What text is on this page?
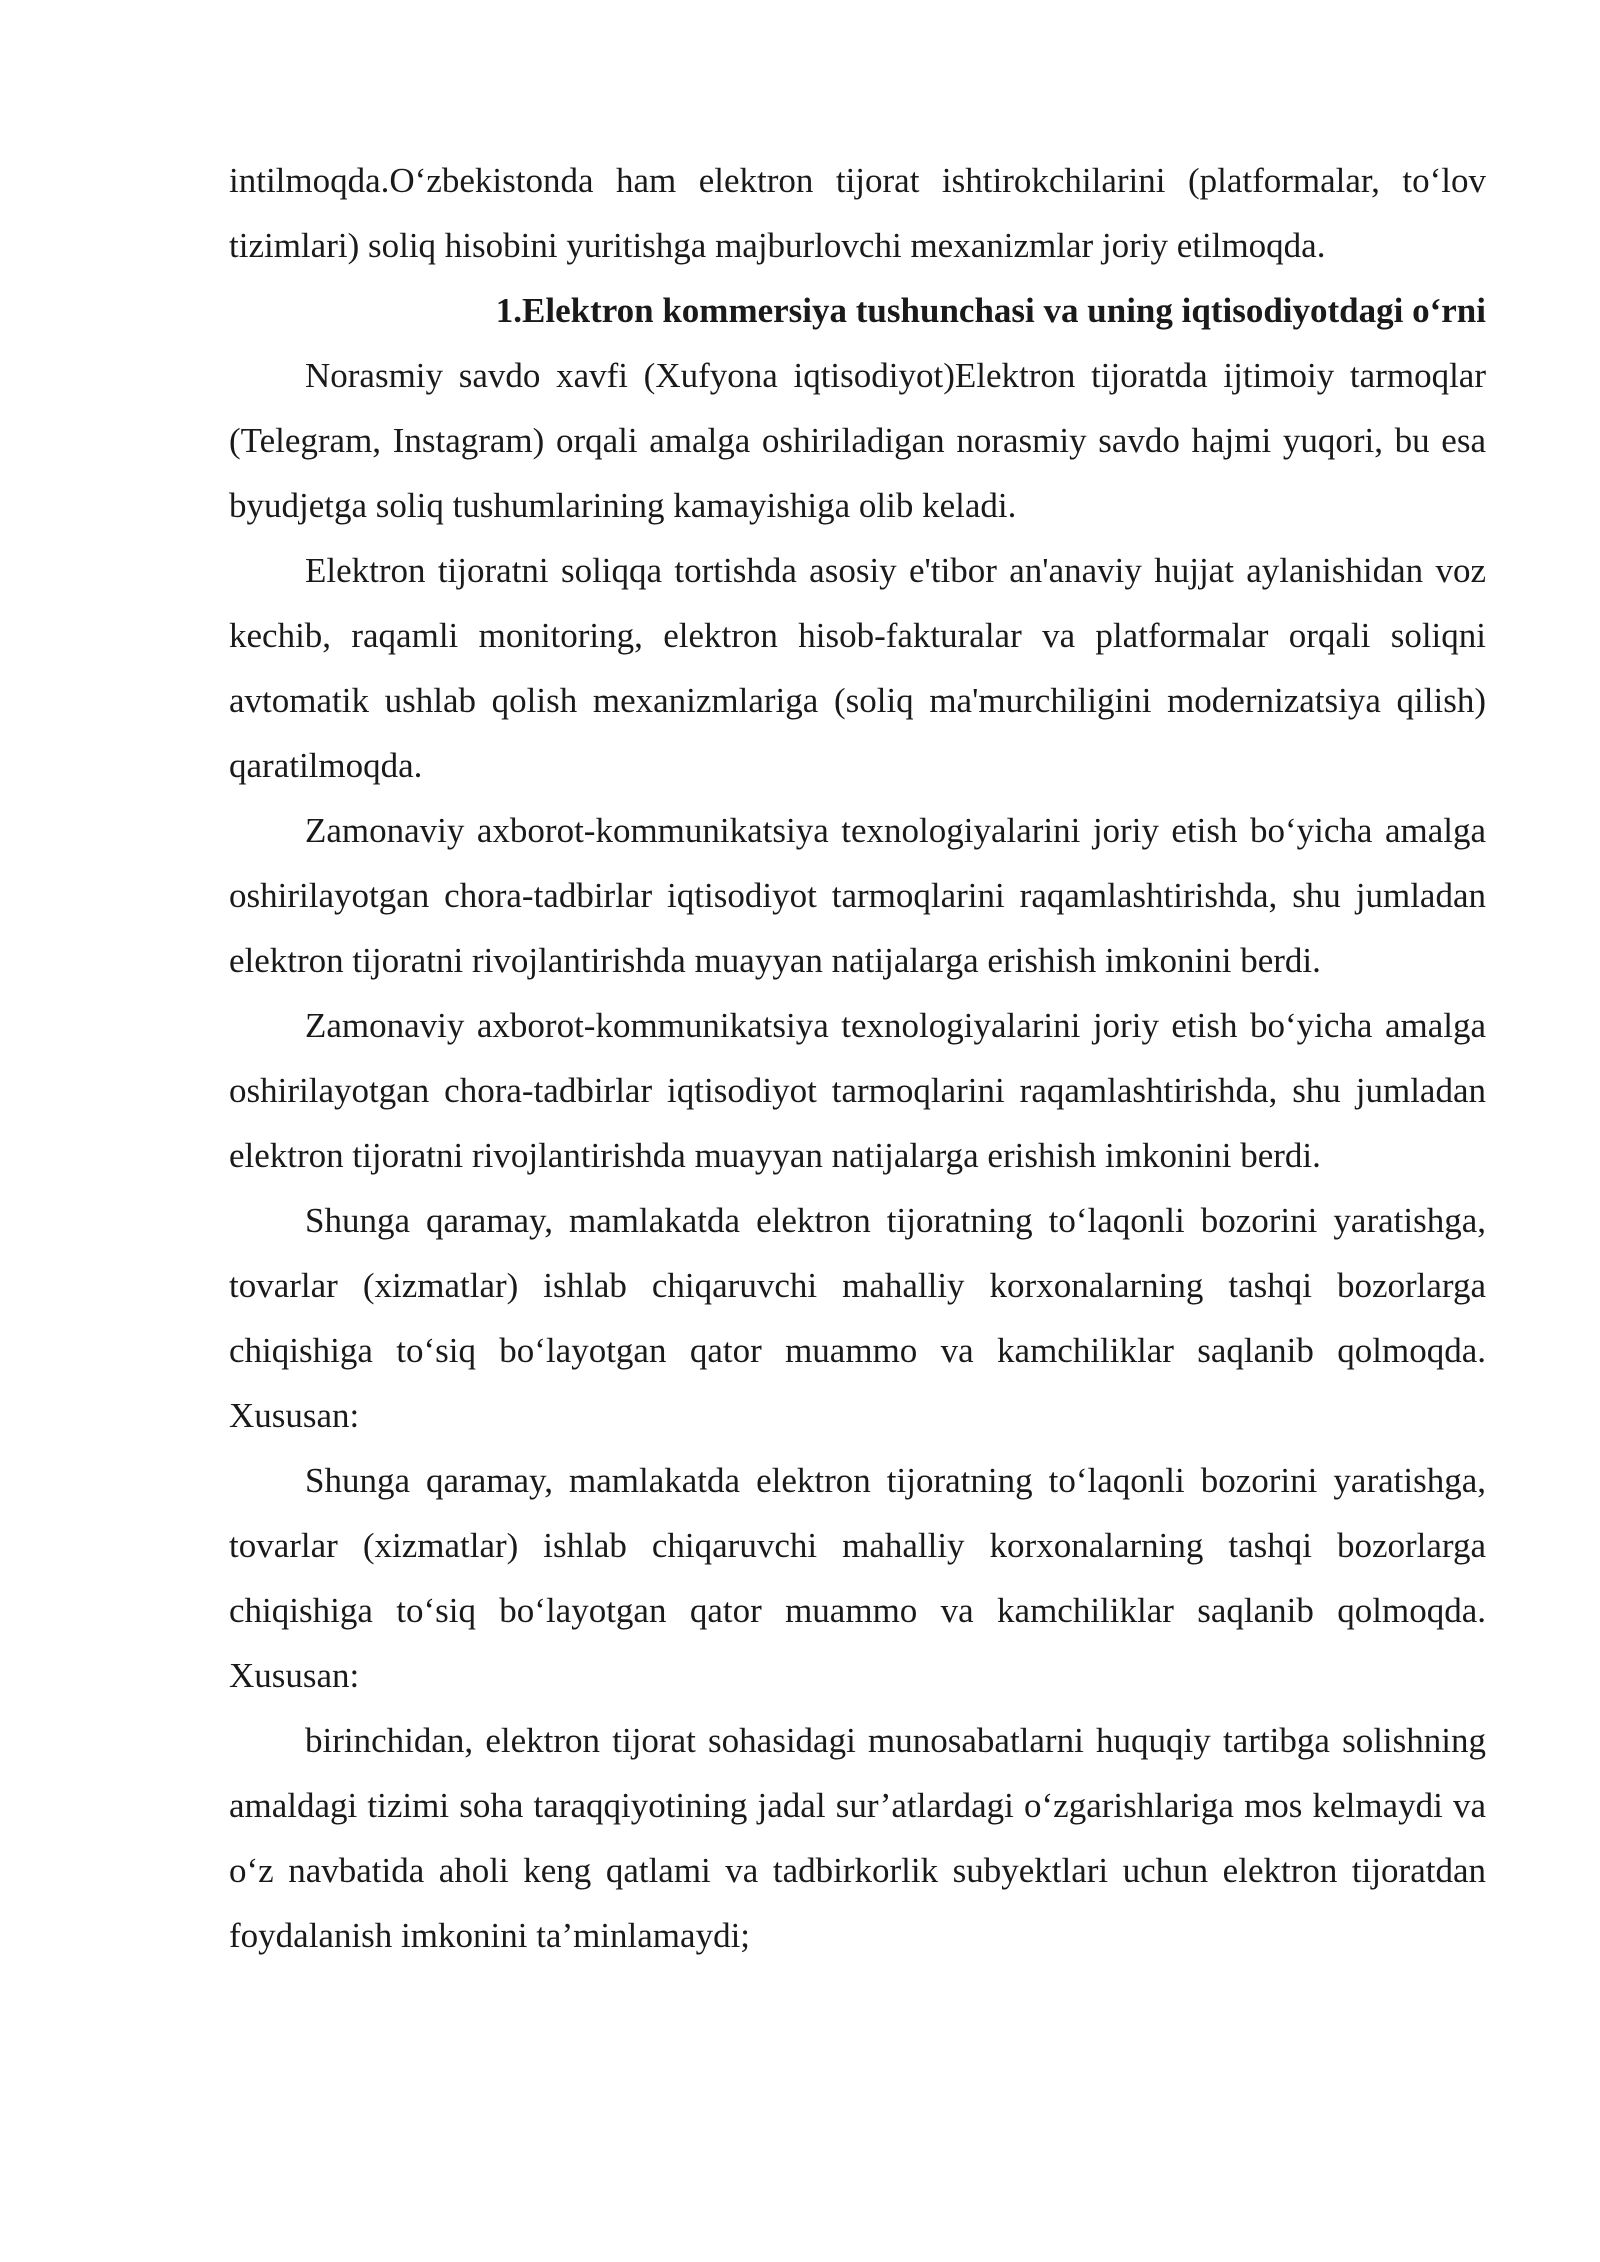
intilmoqda.O‘zbekistonda ham elektron tijorat ishtirokchilarini (platformalar, to‘lov tizimlari) soliq hisobini yuritishga majburlovchi mexanizmlar joriy etilmoqda.

1.Elektron kommersiya tushunchasi va uning iqtisodiyotdagi o‘rni

Norasmiy savdo xavfi (Xufyona iqtisodiyot)Elektron tijoratda ijtimoiy tarmoqlar (Telegram, Instagram) orqali amalga oshiriladigan norasmiy savdo hajmi yuqori, bu esa byudjetga soliq tushumlarining kamayishiga olib keladi.

Elektron tijoratni soliqqa tortishda asosiy e'tibor an'anaviy hujjat aylanishidan voz kechib, raqamli monitoring, elektron hisob-fakturalar va platformalar orqali soliqni avtomatik ushlab qolish mexanizmlariga (soliq ma'murchiligini modernizatsiya qilish) qaratilmoqda.

Zamonaviy axborot-kommunikatsiya texnologiyalarini joriy etish bo‘yicha amalga oshirilayotgan chora-tadbirlar iqtisodiyot tarmoqlarini raqamlashtirishda, shu jumladan elektron tijoratni rivojlantirishda muayyan natijalarga erishish imkonini berdi.

Zamonaviy axborot-kommunikatsiya texnologiyalarini joriy etish bo‘yicha amalga oshirilayotgan chora-tadbirlar iqtisodiyot tarmoqlarini raqamlashtirishda, shu jumladan elektron tijoratni rivojlantirishda muayyan natijalarga erishish imkonini berdi.

Shunga qaramay, mamlakatda elektron tijoratning to‘laqonli bozorini yaratishga, tovarlar (xizmatlar) ishlab chiqaruvchi mahalliy korxonalarning tashqi bozorlarga chiqishiga to‘siq bo‘layotgan qator muammo va kamchiliklar saqlanib qolmoqda. Xususan:

Shunga qaramay, mamlakatda elektron tijoratning to‘laqonli bozorini yaratishga, tovarlar (xizmatlar) ishlab chiqaruvchi mahalliy korxonalarning tashqi bozorlarga chiqishiga to‘siq bo‘layotgan qator muammo va kamchiliklar saqlanib qolmoqda. Xususan:

birinchidan, elektron tijorat sohasidagi munosabatlarni huquqiy tartibga solishning amaldagi tizimi soha taraqqiyotining jadal sur’atlardagi o‘zgarishlariga mos kelmaydi va o‘z navbatida aholi keng qatlami va tadbirkorlik subyektlari uchun elektron tijoratdan foydalanish imkonini ta’minlamaydi;
